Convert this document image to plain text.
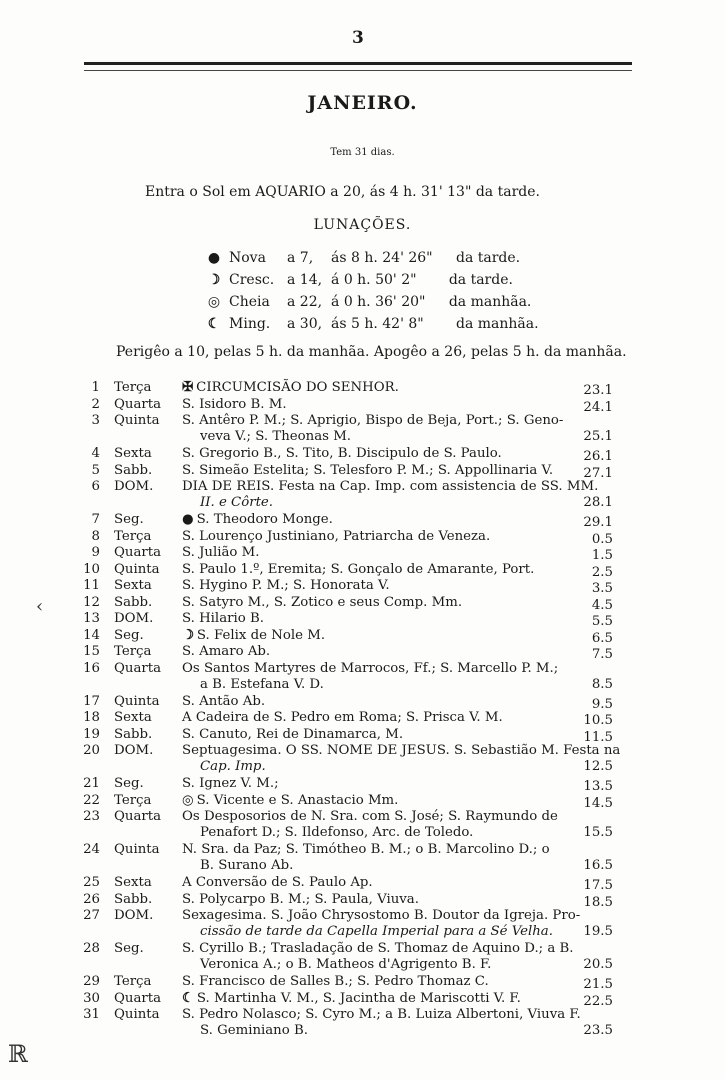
3
JANEIRO.
Tem 31 dias.
Entra o Sol em AQUARIO a 20, ás 4 h. 31' 13" da tarde.
LUNAÇÕES.
● Nova a 7, ás 8 h. 24' 26" da tarde.
☽ Cresc. a 14, á 0 h. 50' 2" da tarde.
◎ Cheia a 22, á 0 h. 36' 20" da manhãa.
☾ Ming. a 30, ás 5 h. 42' 8" da manhãa.
Perigêo a 10, pelas 5 h. da manhãa. Apogêo a 26, pelas 5 h. da manhãa.
1 Terça ✠ CIRCUMCISÃO DO SENHOR.	23.1
2 Quarta S. Isidoro B. M.	24.1
3 Quinta S. Antêro P. M.; S. Aprigio, Bispo de Beja, Port.; S. Geno-
veva V.; S. Theonas M.	25.1
4 Sexta S. Gregorio B., S. Tito, B. Discipulo de S. Paulo.	26.1
5 Sabb. S. Simeão Estelita; S. Telesforo P. M.; S. Appollinaria V.	27.1
6 DOM. DIA DE REIS. Festa na Cap. Imp. com assistencia de SS. MM.
II. e Côrte.	28.1
7 Seg.	● S. Theodoro Monge.	29.1
8 Terça S. Lourenço Justiniano, Patriarcha de Veneza.	0.5
9 Quarta S. Julião M.	1.5
10 Quinta S. Paulo 1.º, Eremita; S. Gonçalo de Amarante, Port.	2.5
11 Sexta S. Hygino P. M.; S. Honorata V.	3.5
12 Sabb. S. Satyro M., S. Zotico e seus Comp. Mm.	4.5
13 DOM. S. Hilario B.	5.5
14 Seg.	☽ S. Felix de Nole M.	6.5
15 Terça S. Amaro Ab.	7.5
16 Quarta Os Santos Martyres de Marrocos, Ff.; S. Marcello P. M.;
a B. Estefana V. D.	8.5
17 Quinta S. Antão Ab.	9.5
18 Sexta A Cadeira de S. Pedro em Roma; S. Prisca V. M.	10.5
19 Sabb. S. Canuto, Rei de Dinamarca, M.	11.5
20 DOM. Septuagesima. O SS. NOME DE JESUS. S. Sebastião M. Festa na
Cap. Imp.	12.5
21 Seg.	S. Ignez V. M.;	13.5
22 Terça ◎ S. Vicente e S. Anastacio Mm.	14.5
23 Quarta Os Desposorios de N. Sra. com S. José; S. Raymundo de
Penafort D.; S. Ildefonso, Arc. de Toledo.	15.5
24 Quinta N. Sra. da Paz; S. Timótheo B. M.; o B. Marcolino D.; o
B. Surano Ab.	16.5
25 Sexta A Conversão de S. Paulo Ap.	17.5
26 Sabb. S. Polycarpo B. M.; S. Paula, Viuva.	18.5
27 DOM. Sexagesima. S. João Chrysostomo B. Doutor da Igreja. Pro-
cissão de tarde da Capella Imperial para a Sé Velha.	19.5
28 Seg.	S. Cyrillo B.; Trasladação de S. Thomaz de Aquino D.; a B.
Veronica A.; o B. Matheos d'Agrigento B. F.	20.5
29 Terça S. Francisco de Salles B.; S. Pedro Thomaz C.	21.5
30 Quarta ☾ S. Martinha V. M., S. Jacintha de Mariscotti V. F.	22.5
31 Quinta S. Pedro Nolasco; S. Cyro M.; a B. Luiza Albertoni, Viuva F.
S. Geminiano B.	23.5
‹
ℝ
